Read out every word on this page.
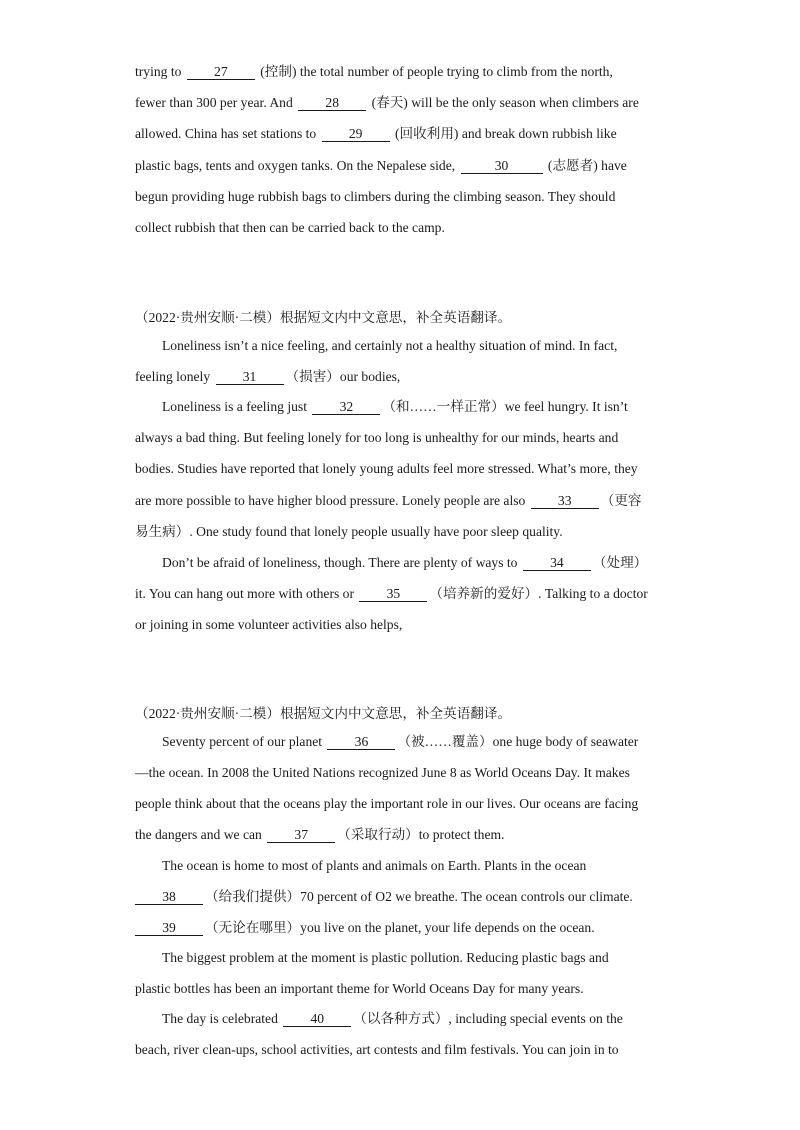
trying to 27 (控制) the total number of people trying to climb from the north,
fewer than 300 per year. And 28 (春天) will be the only season when climbers are
allowed. China has set stations to 29 (回收利用) and break down rubbish like
plastic bags, tents and oxygen tanks. On the Nepalese side,	30	(志愿者) have
begun providing huge rubbish bags to climbers during the climbing season. They should
collect rubbish that then can be carried back to the camp.
（2022·贵州安顺·二模）根据短文内中文意思，补全英语翻译。
Loneliness isn’t a nice feeling, and certainly not a healthy situation of mind. In fact,
feeling lonely 31 （损害）our bodies,
Loneliness is a feeling just 32 （和……一样正常）we feel hungry. It isn’t
always a bad thing. But feeling lonely for too long is unhealthy for our minds, hearts and
bodies. Studies have reported that lonely young adults feel more stressed. What’s more, they
are more possible to have higher blood pressure. Lonely people are also 33 （更容
易生病）. One study found that lonely people usually have poor sleep quality.
Don’t be afraid of loneliness, though. There are plenty of ways to 34 （处理）
it. You can hang out more with others or 35 （培养新的爱好）. Talking to a doctor
or joining in some volunteer activities also helps,
（2022·贵州安顺·二模）根据短文内中文意思，补全英语翻译。
Seventy percent of our planet 36 （被……覆盖）one huge body of seawater
—the ocean. In 2008 the United Nations recognized June 8 as World Oceans Day. It makes
people think about that the oceans play the important role in our lives. Our oceans are facing
the dangers and we can 37 （采取行动）to protect them.
The ocean is home to most of plants and animals on Earth. Plants in the ocean
38 （给我们提供）70 percent of O2 we breathe. The ocean controls our climate.
39 （无论在哪里）you live on the planet, your life depends on the ocean.
The biggest problem at the moment is plastic pollution. Reducing plastic bags and
plastic bottles has been an important theme for World Oceans Day for many years.
The day is celebrated 40 （以各种方式）, including special events on the
beach, river clean-ups, school activities, art contests and film festivals. You can join in to
